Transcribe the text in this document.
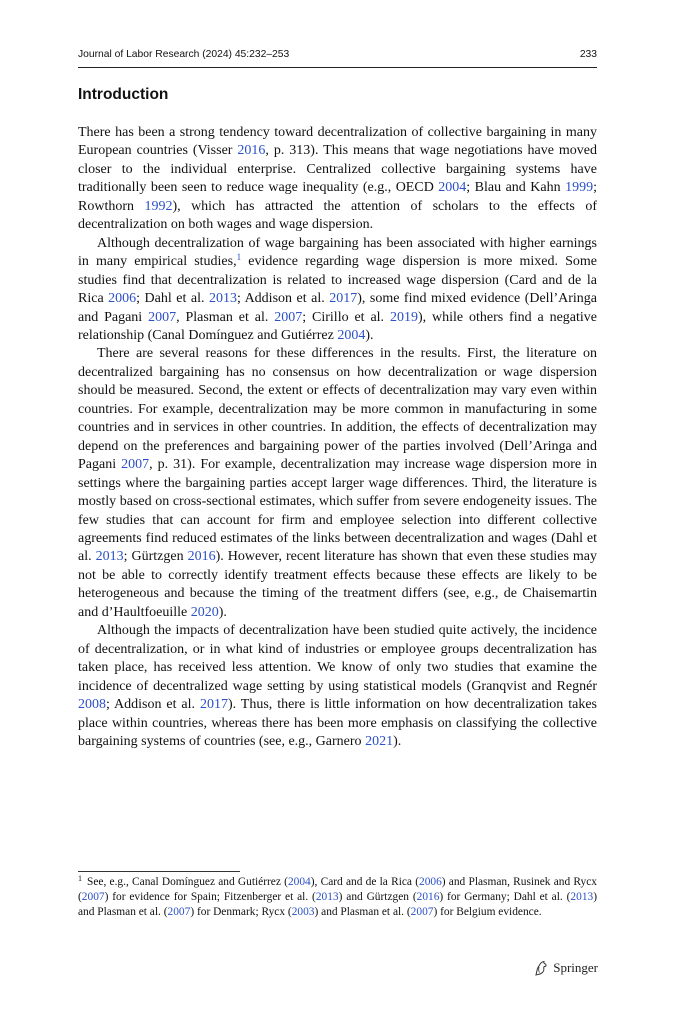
Journal of Labor Research (2024) 45:232–253	233
Introduction

There has been a strong tendency toward decentralization of collective bargaining in many European countries (Visser 2016, p. 313). This means that wage negotiations have moved closer to the individual enterprise. Centralized collective bargaining systems have traditionally been seen to reduce wage inequality (e.g., OECD 2004; Blau and Kahn 1999; Rowthorn 1992), which has attracted the attention of scholars to the effects of decentralization on both wages and wage dispersion.

Although decentralization of wage bargaining has been associated with higher earnings in many empirical studies,$^1$ evidence regarding wage dispersion is more mixed. Some studies find that decentralization is related to increased wage dispersion (Card and de la Rica 2006; Dahl et al. 2013; Addison et al. 2017), some find mixed evidence (Dell’Aringa and Pagani 2007, Plasman et al. 2007; Cirillo et al. 2019), while others find a negative relationship (Canal Domínguez and Gutiérrez 2004).

There are several reasons for these differences in the results. First, the literature on decentralized bargaining has no consensus on how decentralization or wage dispersion should be measured. Second, the extent or effects of decentralization may vary even within countries. For example, decentralization may be more common in manufacturing in some countries and in services in other countries. In addition, the effects of decentralization may depend on the preferences and bargaining power of the parties involved (Dell’Aringa and Pagani 2007, p. 31). For example, decentralization may increase wage dispersion more in settings where the bargaining parties accept larger wage differences. Third, the literature is mostly based on cross-sectional estimates, which suffer from severe endogeneity issues. The few studies that can account for firm and employee selection into different collective agreements find reduced estimates of the links between decentralization and wages (Dahl et al. 2013; Gürtzgen 2016). However, recent literature has shown that even these studies may not be able to correctly identify treatment effects because these effects are likely to be heterogeneous and because the timing of the treatment differs (see, e.g., de Chaisemartin and d’Haultfoeuille 2020).

Although the impacts of decentralization have been studied quite actively, the incidence of decentralization, or in what kind of industries or employee groups decentralization has taken place, has received less attention. We know of only two studies that examine the incidence of decentralized wage setting by using statistical models (Granqvist and Regnér 2008; Addison et al. 2017). Thus, there is little information on how decentralization takes place within countries, whereas there has been more emphasis on classifying the collective bargaining systems of countries (see, e.g., Garnero 2021).

$^1$ See, e.g., Canal Domínguez and Gutiérrez (2004), Card and de la Rica (2006) and Plasman, Rusinek and Rycx (2007) for evidence for Spain; Fitzenberger et al. (2013) and Gürtzgen (2016) for Germany; Dahl et al. (2013) and Plasman et al. (2007) for Denmark; Rycx (2003) and Plasman et al. (2007) for Belgium evidence.
Springer
